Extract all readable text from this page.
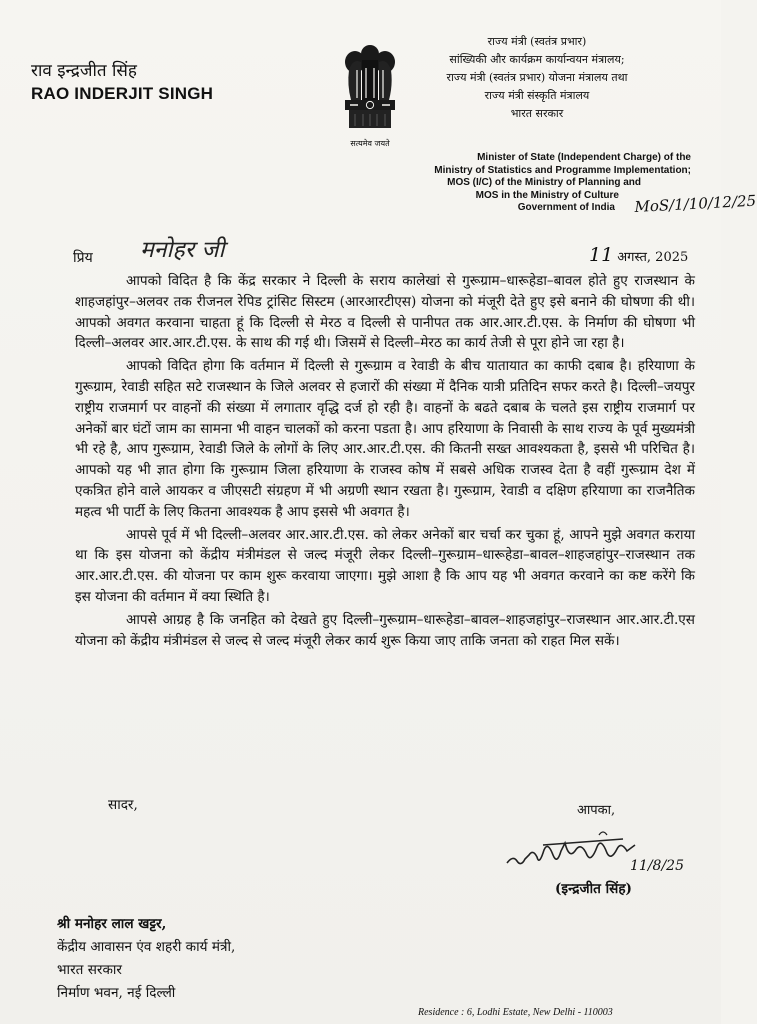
राव इन्द्रजीत सिंह
RAO INDERJIT SINGH
सत्यमेव जयते
राज्य मंत्री (स्वतंत्र प्रभार)
सांख्यिकी और कार्यक्रम कार्यान्वयन मंत्रालय;
राज्य मंत्री (स्वतंत्र प्रभार) योजना मंत्रालय तथा
राज्य मंत्री संस्कृति मंत्रालय
भारत सरकार
Minister of State (Independent Charge) of the
Ministry of Statistics and Programme Implementation;
MOS (I/C) of the Ministry of Planning and
MOS in the Ministry of Culture
Government of India	MoS/1/10/12/25
प्रिय मनोहर जी	11 अगस्त, 2025

आपको विदित है कि केंद्र सरकार ने दिल्ली के सराय कालेखां से गुरूग्राम–धारूहेडा–बावल होते हुए राजस्थान के शाहजहांपुर–अलवर तक रीजनल रेपिड ट्रांसिट सिस्टम (आरआरटीएस) योजना को मंजूरी देते हुए इसे बनाने की घोषणा की थी। आपको अवगत करवाना चाहता हूं कि दिल्ली से मेरठ व दिल्ली से पानीपत तक आर.आर.टी.एस. के निर्माण की घोषणा भी दिल्ली–अलवर आर.आर.टी.एस. के साथ की गई थी। जिसमें से दिल्ली–मेरठ का कार्य तेजी से पूरा होने जा रहा है।

आपको विदित होगा कि वर्तमान में दिल्ली से गुरूग्राम व रेवाडी के बीच यातायात का काफी दबाब है। हरियाणा के गुरूग्राम, रेवाडी सहित सटे राजस्थान के जिले अलवर से हजारों की संख्या में दैनिक यात्री प्रतिदिन सफर करते है। दिल्ली–जयपुर राष्ट्रीय राजमार्ग पर वाहनों की संख्या में लगातार वृद्धि दर्ज हो रही है। वाहनों के बढते दबाब के चलते इस राष्ट्रीय राजमार्ग पर अनेकों बार घंटों जाम का सामना भी वाहन चालकों को करना पडता है। आप हरियाणा के निवासी के साथ राज्य के पूर्व मुख्यमंत्री भी रहे है, आप गुरूग्राम, रेवाडी जिले के लोगों के लिए आर.आर.टी.एस. की कितनी सख्त आवश्यकता है, इससे भी परिचित है। आपको यह भी ज्ञात होगा कि गुरूग्राम जिला हरियाणा के राजस्व कोष में सबसे अधिक राजस्व देता है वहीं गुरूग्राम देश में एकत्रित होने वाले आयकर व जीएसटी संग्रहण में भी अग्रणी स्थान रखता है। गुरूग्राम, रेवाडी व दक्षिण हरियाणा का राजनैतिक महत्व भी पार्टी के लिए कितना आवश्यक है आप इससे भी अवगत है।

आपसे पूर्व में भी दिल्ली–अलवर आर.आर.टी.एस. को लेकर अनेकों बार चर्चा कर चुका हूं, आपने मुझे अवगत कराया था कि इस योजना को केंद्रीय मंत्रीमंडल से जल्द मंजूरी लेकर दिल्ली–गुरूग्राम–धारूहेडा–बावल–शाहजहांपुर–राजस्थान तक आर.आर.टी.एस. की योजना पर काम शुरू करवाया जाएगा। मुझे आशा है कि आप यह भी अवगत करवाने का कष्ट करेंगे कि इस योजना की वर्तमान में क्या स्थिति है।

आपसे आग्रह है कि जनहित को देखते हुए दिल्ली–गुरूग्राम–धारूहेडा–बावल–शाहजहांपुर–राजस्थान आर.आर.टी.एस योजना को केंद्रीय मंत्रीमंडल से जल्द से जल्द मंजूरी लेकर कार्य शुरू किया जाए ताकि जनता को राहत मिल सकें।

सादर,	आपका,
11/8/25
(इन्द्रजीत सिंह)
श्री मनोहर लाल खट्टर,
केंद्रीय आवासन एंव शहरी कार्य मंत्री,
भारत सरकार
निर्माण भवन, नई दिल्ली
Residence : 6, Lodhi Estate, New Delhi - 110003
